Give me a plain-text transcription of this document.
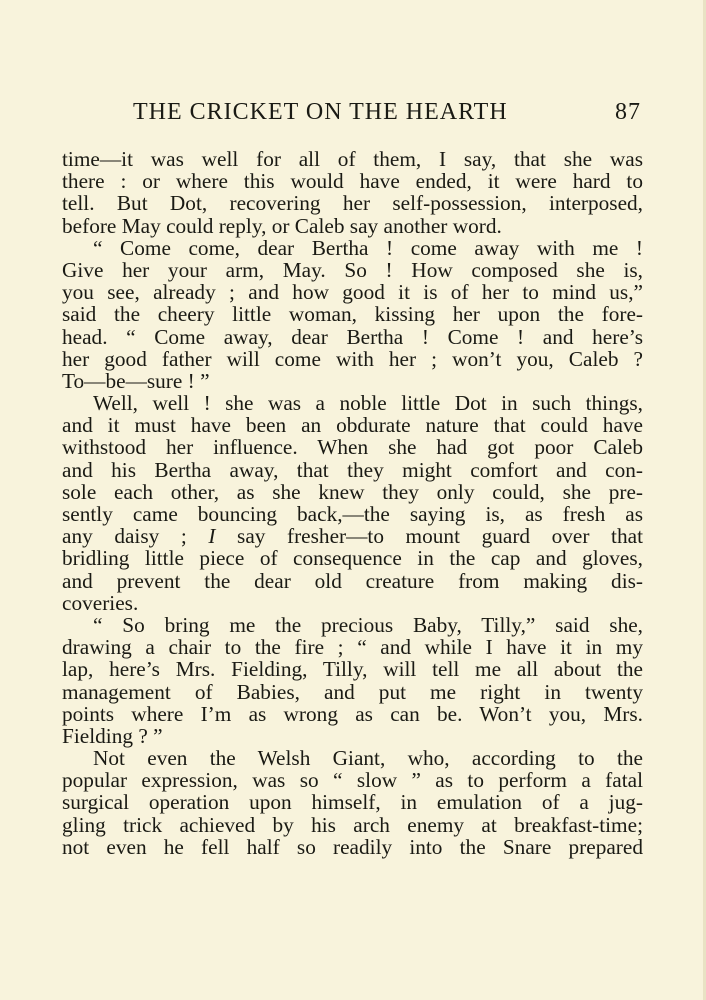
THE CRICKET ON THE HEARTH	87
time—it was well for all of them, I say, that she was
there : or where this would have ended, it were hard to
tell. But Dot, recovering her self-possession, interposed,
before May could reply, or Caleb say another word.
“ Come come, dear Bertha ! come away with me !
Give her your arm, May. So ! How composed she is,
you see, already ; and how good it is of her to mind us,”
said the cheery little woman, kissing her upon the fore-
head. “ Come away, dear Bertha ! Come ! and here’s
her good father will come with her ; won’t you, Caleb ?
To—be—sure ! ”
Well, well ! she was a noble little Dot in such things,
and it must have been an obdurate nature that could have
withstood her influence. When she had got poor Caleb
and his Bertha away, that they might comfort and con-
sole each other, as she knew they only could, she pre-
sently came bouncing back,—the saying is, as fresh as
any daisy ; I say fresher—to mount guard over that
bridling little piece of consequence in the cap and gloves,
and prevent the dear old creature from making dis-
coveries.
“ So bring me the precious Baby, Tilly,” said she,
drawing a chair to the fire ; “ and while I have it in my
lap, here’s Mrs. Fielding, Tilly, will tell me all about the
management of Babies, and put me right in twenty
points where I’m as wrong as can be. Won’t you, Mrs.
Fielding ? ”
Not even the Welsh Giant, who, according to the
popular expression, was so “ slow ” as to perform a fatal
surgical operation upon himself, in emulation of a jug-
gling trick achieved by his arch enemy at breakfast-time;
not even he fell half so readily into the Snare prepared
